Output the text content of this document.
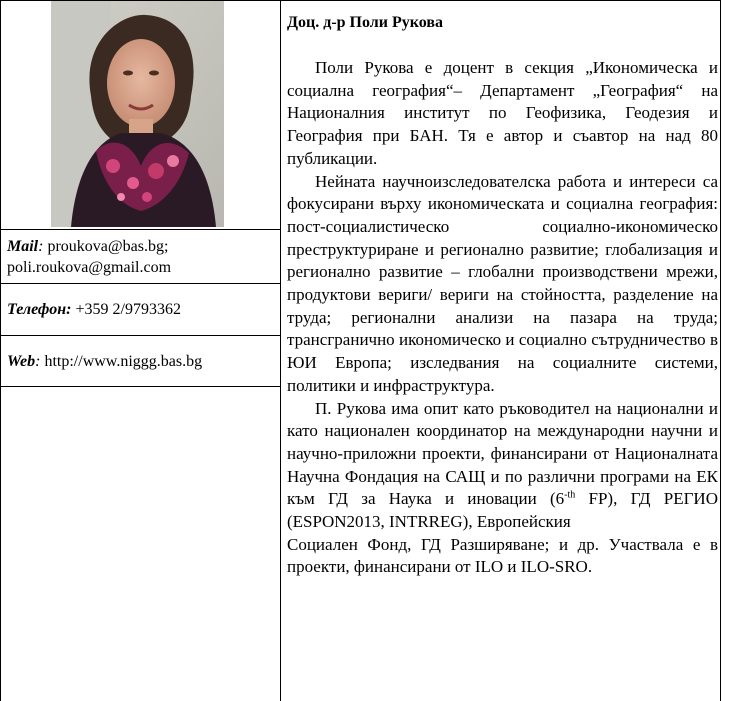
Mail: proukova@bas.bg; poli.roukova@gmail.com
Телефон: +359 2/9793362
Web: http://www.niggg.bas.bg

Доц. д-р Поли Рукова

Поли Рукова е доцент в секция „Икономическа и социална география“– Департамент „География“ на Националния институт по Геофизика, Геодезия и География при БАН. Тя е автор и съавтор на над 80 публикации.

Нейната научноизследователска работа и интереси са фокусирани върху икономическата и социална география: пост-социалистическо социално-икономическо преструктуриране и регионално развитие; глобализация и регионално развитие – глобални производствени мрежи, продуктови вериги/ вериги на стойността, разделение на труда; регионални анализи на пазара на труда; трансгранично икономическо и социално сътрудничество в ЮИ Европа; изследвания на социалните системи, политики и инфраструктура.

П. Рукова има опит като ръководител на национални и като национален координатор на международни научни и научно-приложни проекти, финансирани от Националната Научна Фондация на САЩ и по различни програми на ЕК към ГД за Наука и иновации ($6^{-th}$ FP), ГД РЕГИО (ESPON2013, INTRREG), Европейския

Социален Фонд, ГД Разширяване; и др. Участвала е в проекти, финансирани от ILO и ILO-SRO.
